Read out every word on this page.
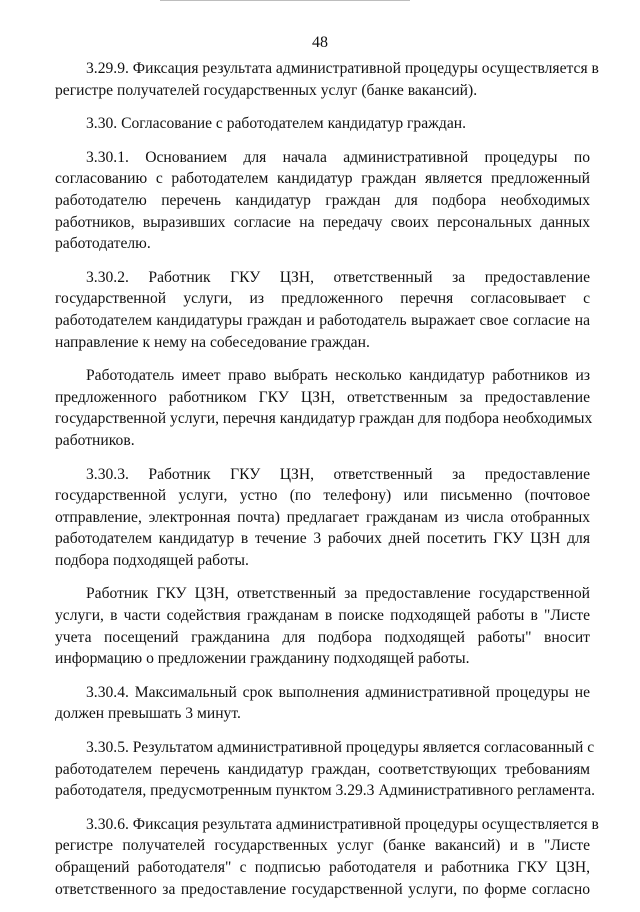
48
3.29.9. Фиксация результата административной процедуры осуществляется в
регистре получателей государственных услуг (банке вакансий).
3.30. Согласование с работодателем кандидатур граждан.
3.30.1. Основанием для начала административной процедуры по
согласованию с работодателем кандидатур граждан является предложенный
работодателю перечень кандидатур граждан для подбора необходимых
работников, выразивших согласие на передачу своих персональных данных
работодателю.
3.30.2. Работник ГКУ ЦЗН, ответственный за предоставление
государственной услуги, из предложенного перечня согласовывает с
работодателем кандидатуры граждан и работодатель выражает свое согласие на
направление к нему на собеседование граждан.
Работодатель имеет право выбрать несколько кандидатур работников из
предложенного работником ГКУ ЦЗН, ответственным за предоставление
государственной услуги, перечня кандидатур граждан для подбора необходимых
работников.
3.30.3. Работник ГКУ ЦЗН, ответственный за предоставление
государственной услуги, устно (по телефону) или письменно (почтовое
отправление, электронная почта) предлагает гражданам из числа отобранных
работодателем кандидатур в течение 3 рабочих дней посетить ГКУ ЦЗН для
подбора подходящей работы.
Работник ГКУ ЦЗН, ответственный за предоставление государственной
услуги, в части содействия гражданам в поиске подходящей работы в "Листе
учета посещений гражданина для подбора подходящей работы" вносит
информацию о предложении гражданину подходящей работы.
3.30.4. Максимальный срок выполнения административной процедуры не
должен превышать 3 минут.
3.30.5. Результатом административной процедуры является согласованный с
работодателем перечень кандидатур граждан, соответствующих требованиям
работодателя, предусмотренным пунктом 3.29.3 Административного регламента.
3.30.6. Фиксация результата административной процедуры осуществляется в
регистре получателей государственных услуг (банке вакансий) и в "Листе
обращений работодателя" с подписью работодателя и работника ГКУ ЦЗН,
ответственного за предоставление государственной услуги, по форме согласно
